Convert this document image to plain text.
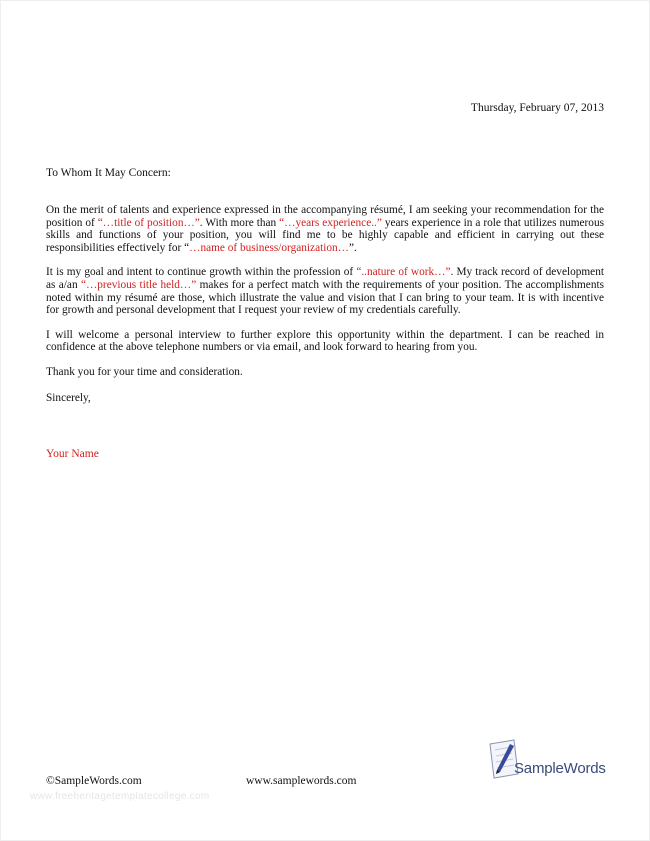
Thursday, February 07, 2013
To Whom It May Concern:

On the merit of talents and experience expressed in the accompanying résumé, I am seeking your recommendation for the position of “…title of position…”. With more than “…years experience..” years experience in a role that utilizes numerous skills and functions of your position, you will find me to be highly capable and efficient in carrying out these responsibilities effectively for “…name of business/organization…”.

It is my goal and intent to continue growth within the profession of “..nature of work…”. My track record of development as a/an “…previous title held…” makes for a perfect match with the requirements of your position. The accomplishments noted within my résumé are those, which illustrate the value and vision that I can bring to your team. It is with incentive for growth and personal development that I request your review of my credentials carefully.

I will welcome a personal interview to further explore this opportunity within the department. I can be reached in confidence at the above telephone numbers or via email, and look forward to hearing from you.

Thank you for your time and consideration.

Sincerely,

Your Name
©SampleWords.com	www.samplewords.com
www.freeheritagetemplatecollege.com
SampleWords
